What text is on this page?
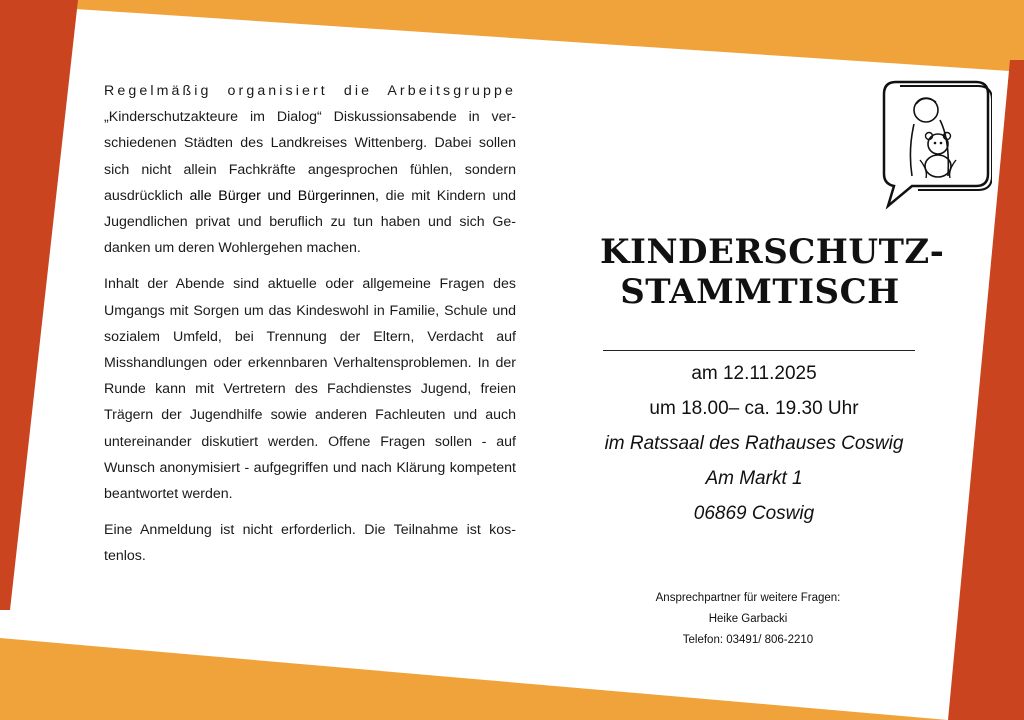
Regelmäßig organisiert die Arbeitsgruppe
„Kinderschutzakteure im Dialog“ Diskussionsabende in ver-schiedenen Städten des Landkreises Wittenberg. Dabei sollen sich nicht allein Fachkräfte angesprochen fühlen, sondern ausdrücklich alle Bürger und Bürgerinnen, die mit Kindern und Jugendlichen privat und beruflich zu tun haben und sich Ge-danken um deren Wohlergehen machen.

Inhalt der Abende sind aktuelle oder allgemeine Fragen des Umgangs mit Sorgen um das Kindeswohl in Familie, Schule und sozialem Umfeld, bei Trennung der Eltern, Verdacht auf Misshandlungen oder erkennbaren Verhaltensproblemen. In der Runde kann mit Vertretern des Fachdienstes Jugend, freien Trägern der Jugendhilfe sowie anderen Fachleuten und auch untereinander diskutiert werden. Offene Fragen sollen - auf Wunsch anonymisiert - aufgegriffen und nach Klärung kompetent beantwortet werden.

Eine Anmeldung ist nicht erforderlich. Die Teilnahme ist kos-tenlos.

KINDERSCHUTZ-
STAMMTISCH
am 12.11.2025
um 18.00– ca. 19.30 Uhr
im Ratssaal des Rathauses Coswig
Am Markt 1
06869 Coswig
Ansprechpartner für weitere Fragen:
Heike Garbacki
Telefon: 03491/ 806-2210
